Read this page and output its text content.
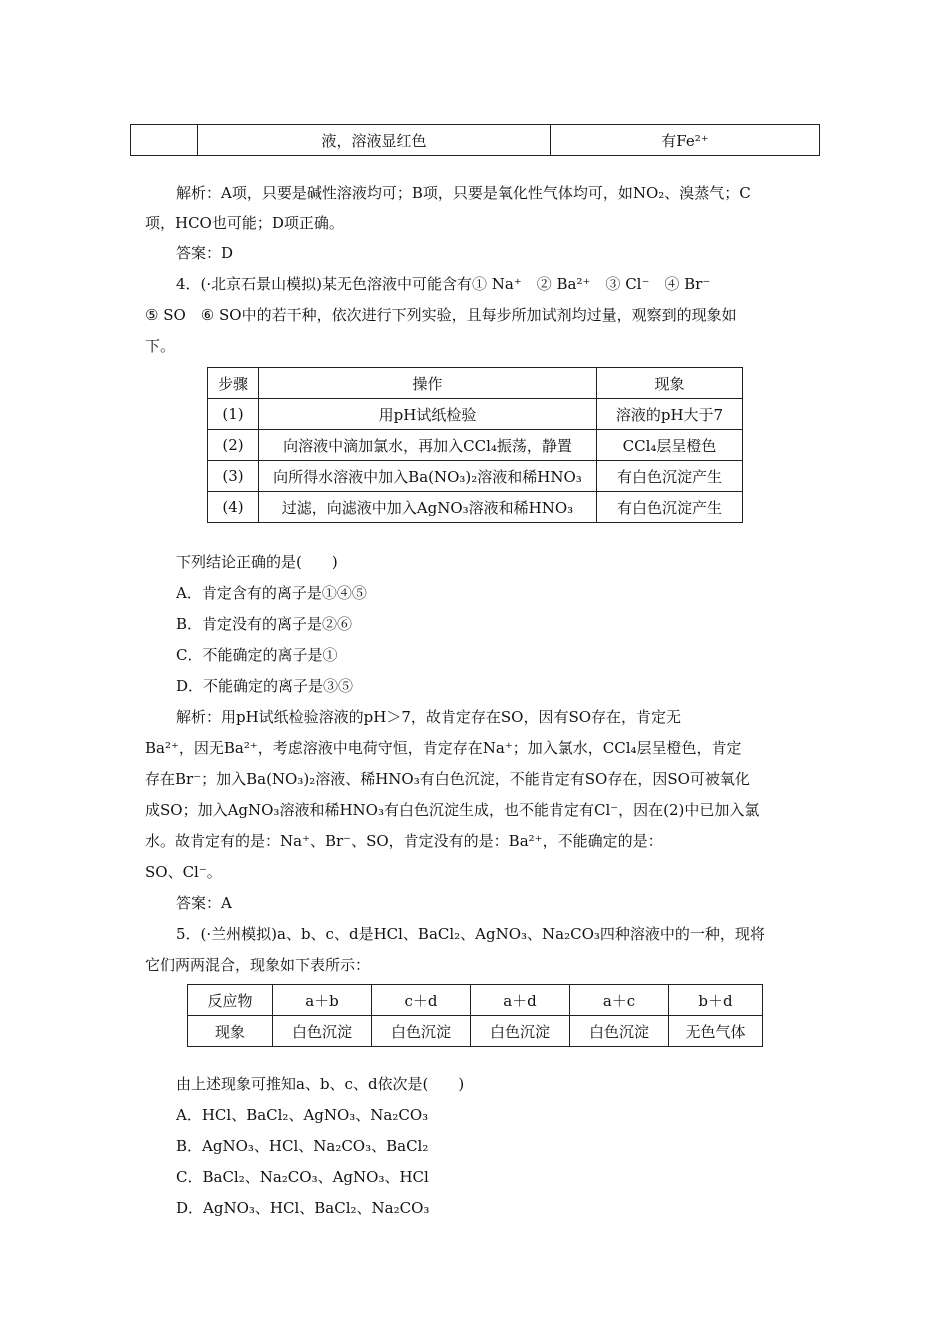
	液，溶液显红色	有Fe²⁺
解析：A项，只要是碱性溶液均可；B项，只要是氧化性气体均可，如NO₂、溴蒸气；C
项，HCO也可能；D项正确。
答案：D
4．(·北京石景山模拟)某无色溶液中可能含有① Na⁺　② Ba²⁺　③ Cl⁻　④ Br⁻
⑤ SO　⑥ SO中的若干种，依次进行下列实验，且每步所加试剂均过量，观察到的现象如
下。
步骤	操作	现象
(1)	用pH试纸检验	溶液的pH大于7
(2)	向溶液中滴加氯水，再加入CCl₄振荡，静置	CCl₄层呈橙色
(3)	向所得水溶液中加入Ba(NO₃)₂溶液和稀HNO₃	有白色沉淀产生
(4)	过滤，向滤液中加入AgNO₃溶液和稀HNO₃	有白色沉淀产生
下列结论正确的是(　　)
A．肯定含有的离子是①④⑤
B．肯定没有的离子是②⑥
C．不能确定的离子是①
D．不能确定的离子是③⑤
解析：用pH试纸检验溶液的pH＞7，故肯定存在SO，因有SO存在，肯定无
Ba²⁺，因无Ba²⁺，考虑溶液中电荷守恒，肯定存在Na⁺；加入氯水，CCl₄层呈橙色，肯定
存在Br⁻；加入Ba(NO₃)₂溶液、稀HNO₃有白色沉淀，不能肯定有SO存在，因SO可被氧化
成SO；加入AgNO₃溶液和稀HNO₃有白色沉淀生成，也不能肯定有Cl⁻，因在(2)中已加入氯
水。故肯定有的是：Na⁺、Br⁻、SO，肯定没有的是：Ba²⁺，不能确定的是：
SO、Cl⁻。
答案：A
5．(·兰州模拟)a、b、c、d是HCl、BaCl₂、AgNO₃、Na₂CO₃四种溶液中的一种，现将
它们两两混合，现象如下表所示：
反应物	a＋b	c＋d	a＋d	a＋c	b＋d
现象	白色沉淀	白色沉淀	白色沉淀	白色沉淀	无色气体
由上述现象可推知a、b、c、d依次是(　　)
A．HCl、BaCl₂、AgNO₃、Na₂CO₃
B．AgNO₃、HCl、Na₂CO₃、BaCl₂
C．BaCl₂、Na₂CO₃、AgNO₃、HCl
D．AgNO₃、HCl、BaCl₂、Na₂CO₃
